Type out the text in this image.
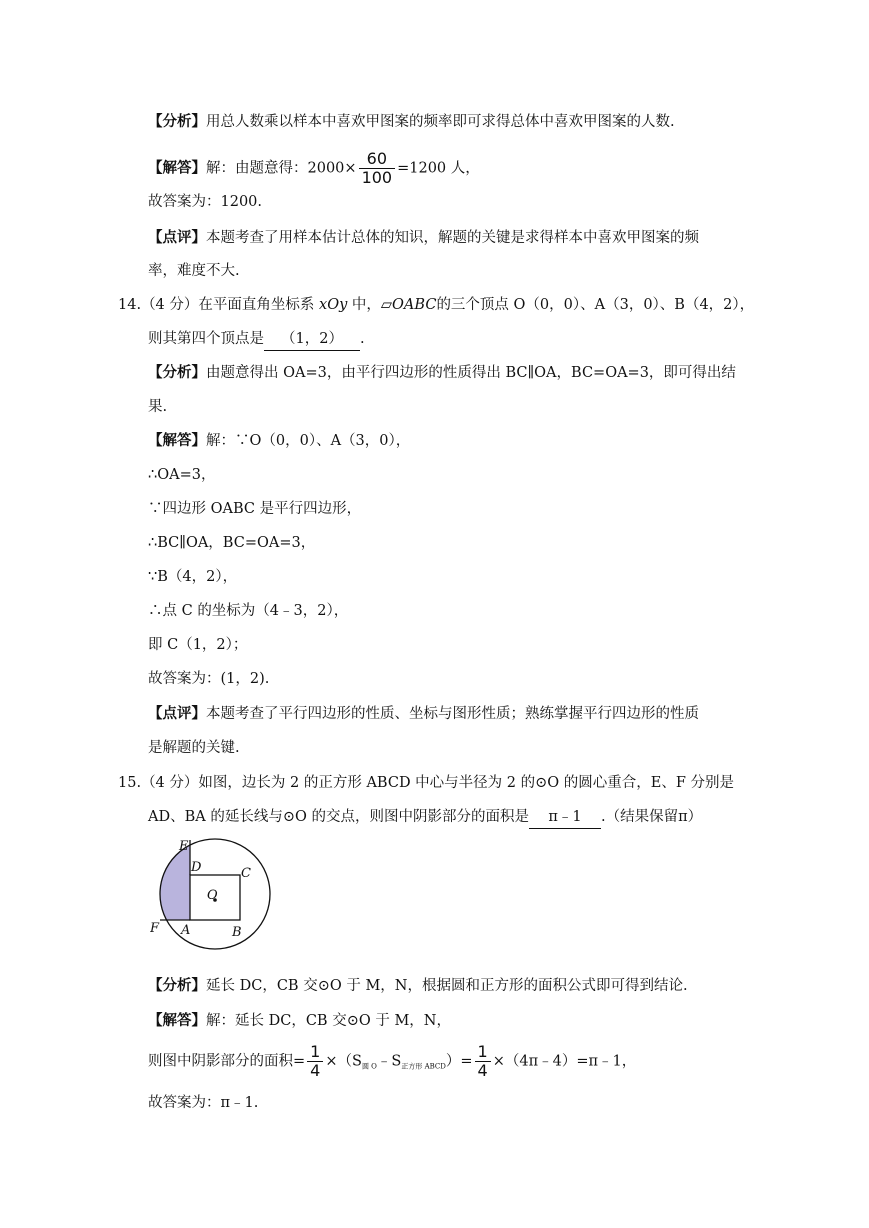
【分析】用总人数乘以样本中喜欢甲图案的频率即可求得总体中喜欢甲图案的人数.
【解答】解：由题意得：$2000\times \frac{60}{100} =1200$ 人，
故答案为：1200.
【点评】本题考查了用样本估计总体的知识，解题的关键是求得样本中喜欢甲图案的频
率，难度不大.
14.（4 分）在平面直角坐标系 xOy 中，▱OABC的三个顶点 O（0，0）、A（3，0）、B（4，2），
则其第四个顶点是 （1，2） .
【分析】由题意得出 OA=3，由平行四边形的性质得出 BC∥OA，BC=OA=3，即可得出结
果.
【解答】解：∵O（0，0）、A（3，0），
∴OA=3，
∵四边形 OABC 是平行四边形，
∴BC∥OA，BC=OA=3，
∵B（4，2），
∴点 C 的坐标为（4﹣3，2），
即 C（1，2）；
故答案为：(1，2).
【点评】本题考查了平行四边形的性质、坐标与图形性质；熟练掌握平行四边形的性质
是解题的关键.
15.（4 分）如图，边长为 2 的正方形 ABCD 中心与半径为 2 的⊙O 的圆心重合，E、F 分别是
AD、BA 的延长线与⊙O 的交点，则图中阴影部分的面积是 π﹣1 .（结果保留π）
E
D	C
O
F A	B
【分析】延长 DC，CB 交⊙O 于 M，N，根据圆和正方形的面积公式即可得到结论.
【解答】解：延长 DC，CB 交⊙O 于 M，N，
则图中阴影部分的面积= $\frac{1}{4}$ $\times(S_{圆 O}﹣S_{正方形 ABCD})= \frac{1}{4}$ ×（4π﹣4）=π﹣1，
故答案为：π﹣1.
